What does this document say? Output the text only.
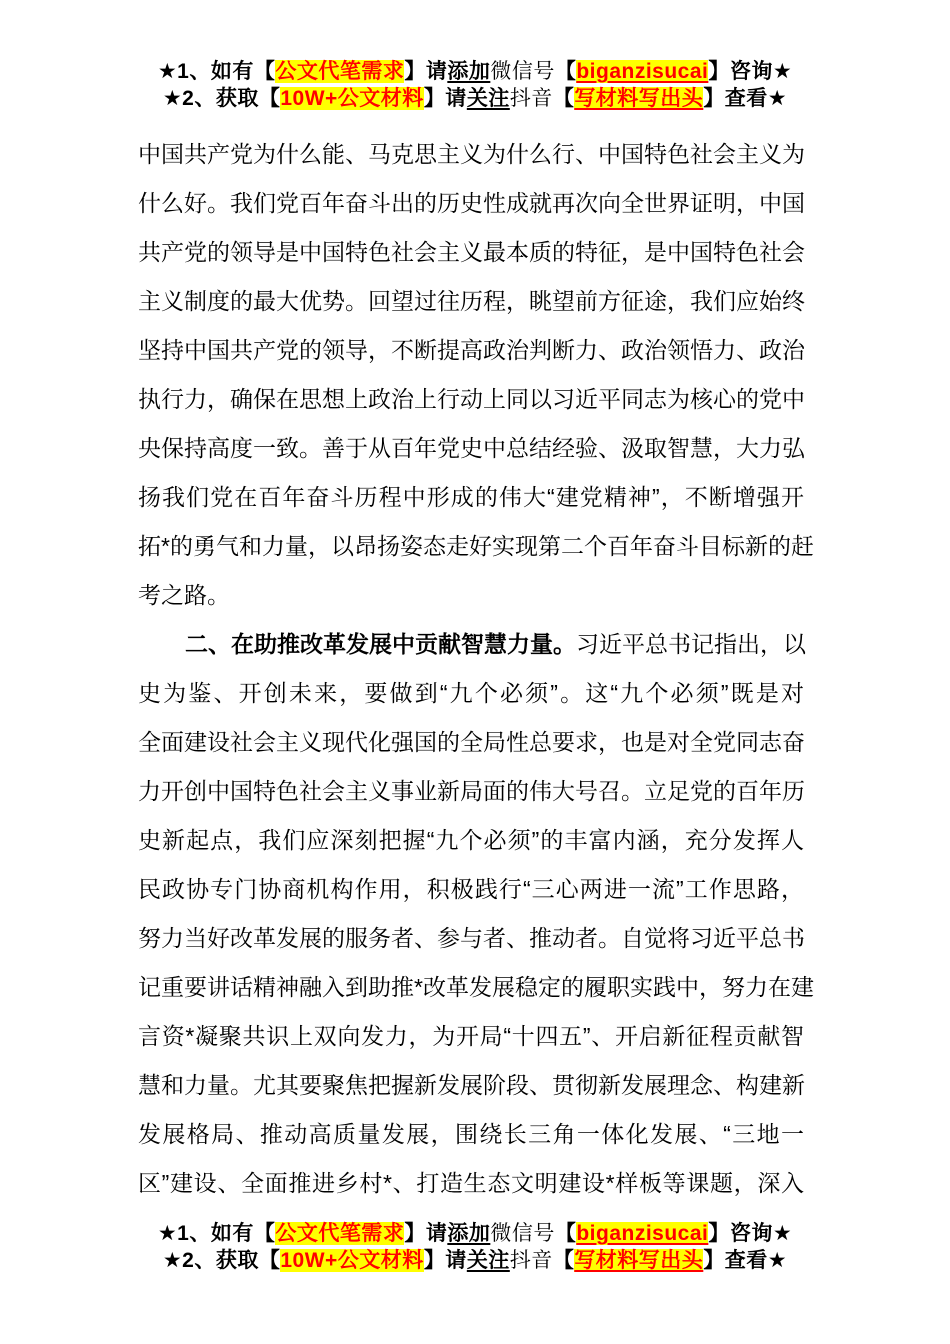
★1、如有【公文代笔需求】请添加微信号【biganzisucai】咨询★
★2、获取【10W+公文材料】请关注抖音【写材料写出头】查看★
中国共产党为什么能、马克思主义为什么行、中国特色社会主义为
什么好。我们党百年奋斗出的历史性成就再次向全世界证明，中国
共产党的领导是中国特色社会主义最本质的特征，是中国特色社会
主义制度的最大优势。回望过往历程，眺望前方征途，我们应始终
坚持中国共产党的领导，不断提高政治判断力、政治领悟力、政治
执行力，确保在思想上政治上行动上同以习近平同志为核心的党中
央保持高度一致。善于从百年党史中总结经验、汲取智慧，大力弘
扬我们党在百年奋斗历程中形成的伟大“建党精神”，不断增强开
拓*的勇气和力量，以昂扬姿态走好实现第二个百年奋斗目标新的赶
考之路。
二、在助推改革发展中贡献智慧力量。习近平总书记指出，以
史为鉴、开创未来，要做到“九个必须”。这“九个必须”既是对
全面建设社会主义现代化强国的全局性总要求，也是对全党同志奋
力开创中国特色社会主义事业新局面的伟大号召。立足党的百年历
史新起点，我们应深刻把握“九个必须”的丰富内涵，充分发挥人
民政协专门协商机构作用，积极践行“三心两进一流”工作思路，
努力当好改革发展的服务者、参与者、推动者。自觉将习近平总书
记重要讲话精神融入到助推*改革发展稳定的履职实践中，努力在建
言资*凝聚共识上双向发力，为开局“十四五”、开启新征程贡献智
慧和力量。尤其要聚焦把握新发展阶段、贯彻新发展理念、构建新
发展格局、推动高质量发展，围绕长三角一体化发展、“三地一
区”建设、全面推进乡村*、打造生态文明建设*样板等课题，深入
★1、如有【公文代笔需求】请添加微信号【biganzisucai】咨询★
★2、获取【10W+公文材料】请关注抖音【写材料写出头】查看★
